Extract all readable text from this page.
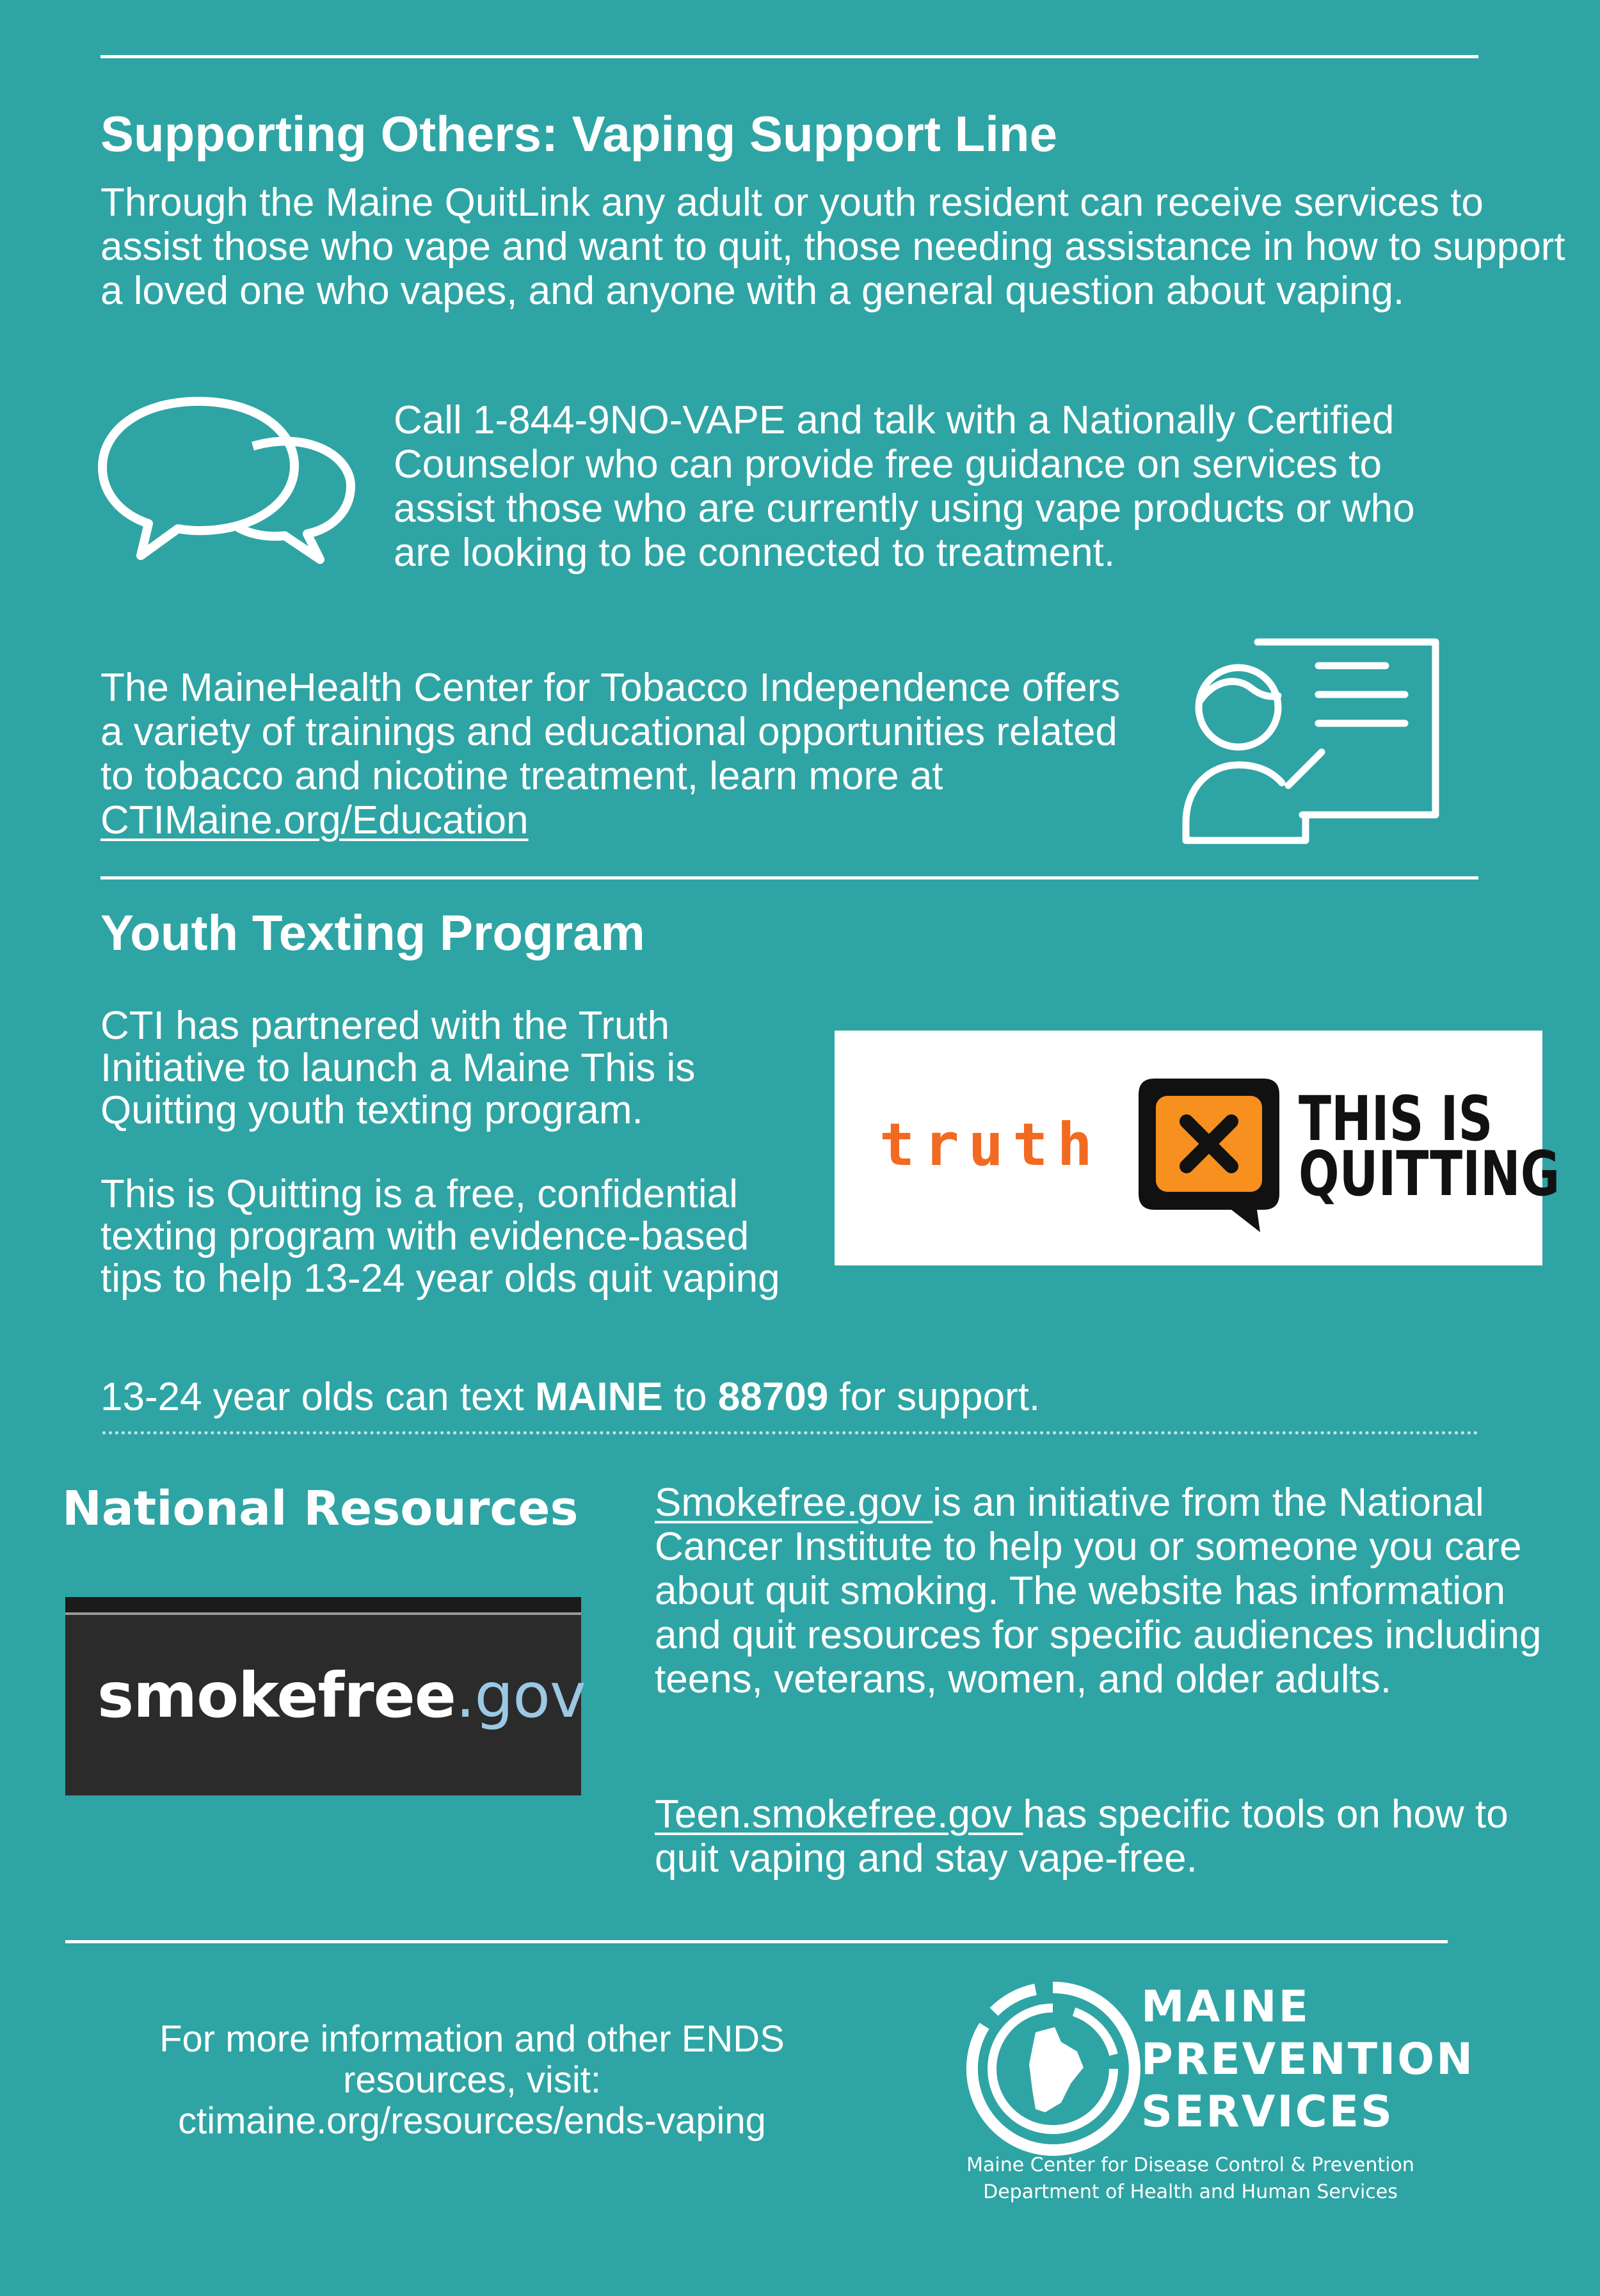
Supporting Others: Vaping Support Line

Through the Maine QuitLink any adult or youth resident can receive services to assist those who vape and want to quit, those needing assistance in how to support a loved one who vapes, and anyone with a general question about vaping.

Call 1-844-9NO-VAPE and talk with a Nationally Certified Counselor who can provide free guidance on services to assist those who are currently using vape products or who are looking to be connected to treatment.

The MaineHealth Center for Tobacco Independence offers a variety of trainings and educational opportunities related to tobacco and nicotine treatment, learn more at CTIMaine.org/Education

Youth Texting Program

CTI has partnered with the Truth Initiative to launch a Maine This is Quitting youth texting program.

This is Quitting is a free, confidential texting program with evidence-based tips to help 13-24 year olds quit vaping

truth	THIS IS
QUITTING

13-24 year olds can text MAINE to 88709 for support.

National Resources
smokefree.gov

Smokefree.gov is an initiative from the National Cancer Institute to help you or someone you care about quit smoking. The website has information and quit resources for specific audiences including teens, veterans, women, and older adults.

Teen.smokefree.gov has specific tools on how to quit vaping and stay vape-free.

For more information and other ENDS
resources, visit:
ctimaine.org/resources/ends-vaping
MAINE
PREVENTION
SERVICES
Maine Center for Disease Control & Prevention
Department of Health and Human Services
